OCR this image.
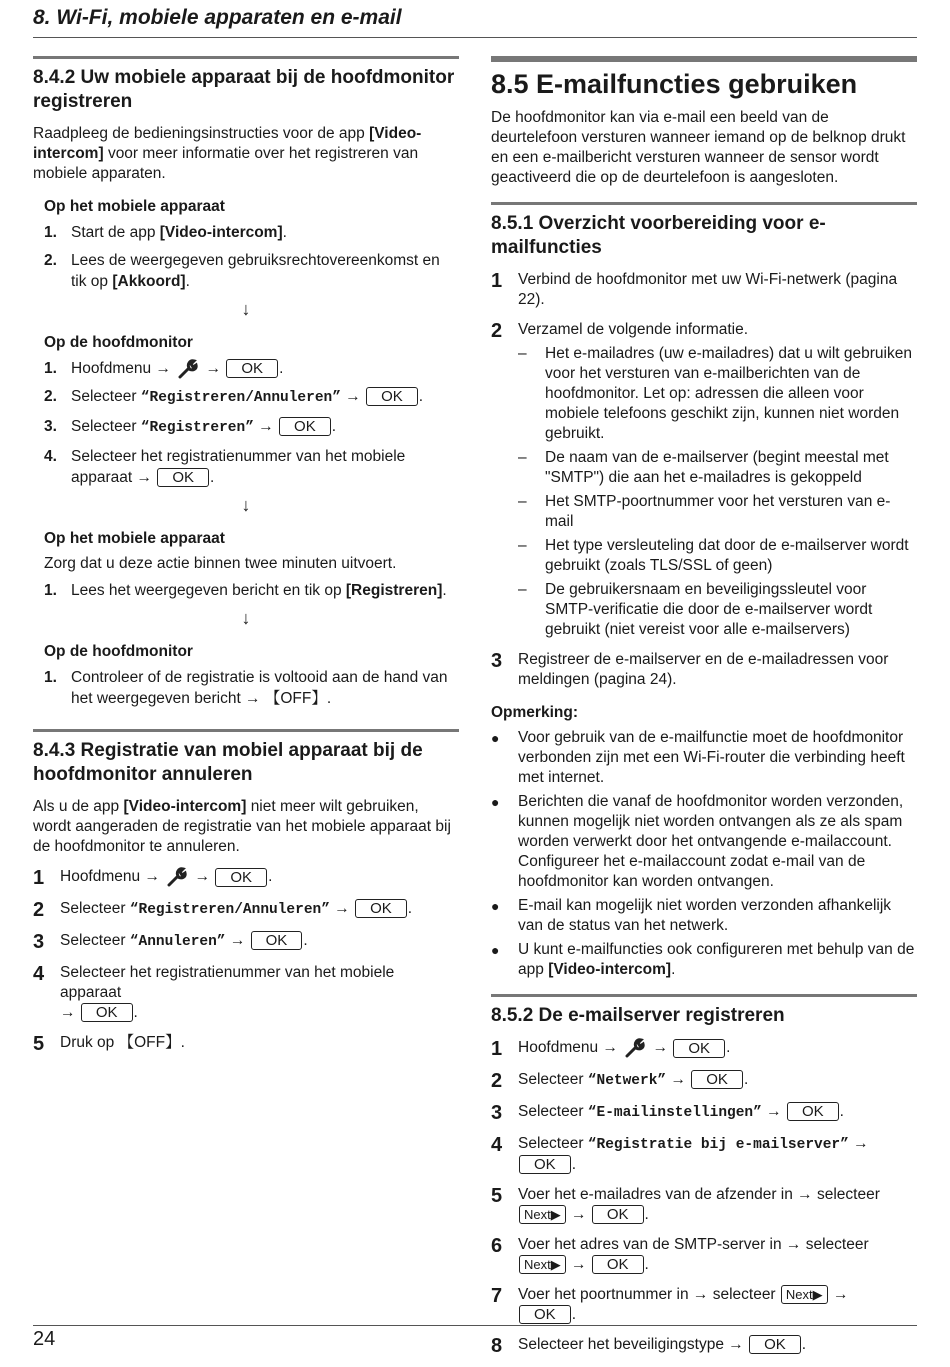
8. Wi-Fi, mobiele apparaten en e-mail
8.4.2 Uw mobiele apparaat bij de hoofdmonitor registreren

Raadpleeg de bedieningsinstructies voor de app [Video-intercom] voor meer informatie over het registreren van mobiele apparaten.

Op het mobiele apparaat
1. Start de app [Video-intercom].
2. Lees de weergegeven gebruiksrechtovereenkomst en tik op [Akkoord].
↓
Op de hoofdmonitor
1. Hoofdmenu → → OK .
2. Selecteer “Registreren/Annuleren” → OK .
3. Selecteer “Registreren” → OK .
4. Selecteer het registratienummer van het mobiele apparaat → OK .
↓
Op het mobiele apparaat

Zorg dat u deze actie binnen twee minuten uitvoert.

1. Lees het weergegeven bericht en tik op [Registreren].
↓
Op de hoofdmonitor
1. Controleer of de registratie is voltooid aan de hand van het weergegeven bericht → 【OFF】.
8.4.3 Registratie van mobiel apparaat bij de hoofdmonitor annuleren

Als u de app [Video-intercom] niet meer wilt gebruiken, wordt aangeraden de registratie van het mobiele apparaat bij de hoofdmonitor te annuleren.

1	Hoofdmenu → → OK .
2	Selecteer “Registreren/Annuleren” → OK .
3	Selecteer “Annuleren” → OK .
4	Selecteer het registratienummer van het mobiele apparaat
→ OK .
5	Druk op 【OFF】.
8.5 E-mailfuncties gebruiken

De hoofdmonitor kan via e-mail een beeld van de deurtelefoon versturen wanneer iemand op de belknop drukt en een e-mailbericht versturen wanneer de sensor wordt geactiveerd die op de deurtelefoon is aangesloten.

8.5.1 Overzicht voorbereiding voor e-mailfuncties
1	Verbind de hoofdmonitor met uw Wi-Fi-netwerk (pagina 22).
2	Verzamel de volgende informatie.
–	Het e-mailadres (uw e-mailadres) dat u wilt gebruiken voor het versturen van e-mailberichten van de hoofdmonitor. Let op: adressen die alleen voor mobiele telefoons geschikt zijn, kunnen niet worden gebruikt.
–	De naam van de e-mailserver (begint meestal met "SMTP") die aan het e-mailadres is gekoppeld
–	Het SMTP-poortnummer voor het versturen van e-mail
–	Het type versleuteling dat door de e-mailserver wordt gebruikt (zoals TLS/SSL of geen)
–	De gebruikersnaam en beveiligingssleutel voor SMTP-verificatie die door de e-mailserver wordt gebruikt (niet vereist voor alle e-mailservers)
3	Registreer de e-mailserver en de e-mailadressen voor meldingen (pagina 24).
Opmerking:
●	Voor gebruik van de e-mailfunctie moet de hoofdmonitor verbonden zijn met een Wi-Fi-router die verbinding heeft met internet.
●	Berichten die vanaf de hoofdmonitor worden verzonden, kunnen mogelijk niet worden ontvangen als ze als spam worden verwerkt door het ontvangende e-mailaccount. Configureer het e-mailaccount zodat e-mail van de hoofdmonitor kan worden ontvangen.
●	E-mail kan mogelijk niet worden verzonden afhankelijk van de status van het netwerk.
●	U kunt e-mailfuncties ook configureren met behulp van de app [Video-intercom].
8.5.2 De e-mailserver registreren
1	Hoofdmenu → → OK .
2	Selecteer “Netwerk” → OK .
3	Selecteer “E-mailinstellingen” → OK .
4	Selecteer “Registratie bij e-mailserver” →
OK .
5	Voer het e-mailadres van de afzender in → selecteer
Next▶ → OK .
6	Voer het adres van de SMTP-server in → selecteer
Next▶ → OK .
7	Voer het poortnummer in → selecteer Next▶ →
OK .
8	Selecteer het beveiligingstype → OK .
24
